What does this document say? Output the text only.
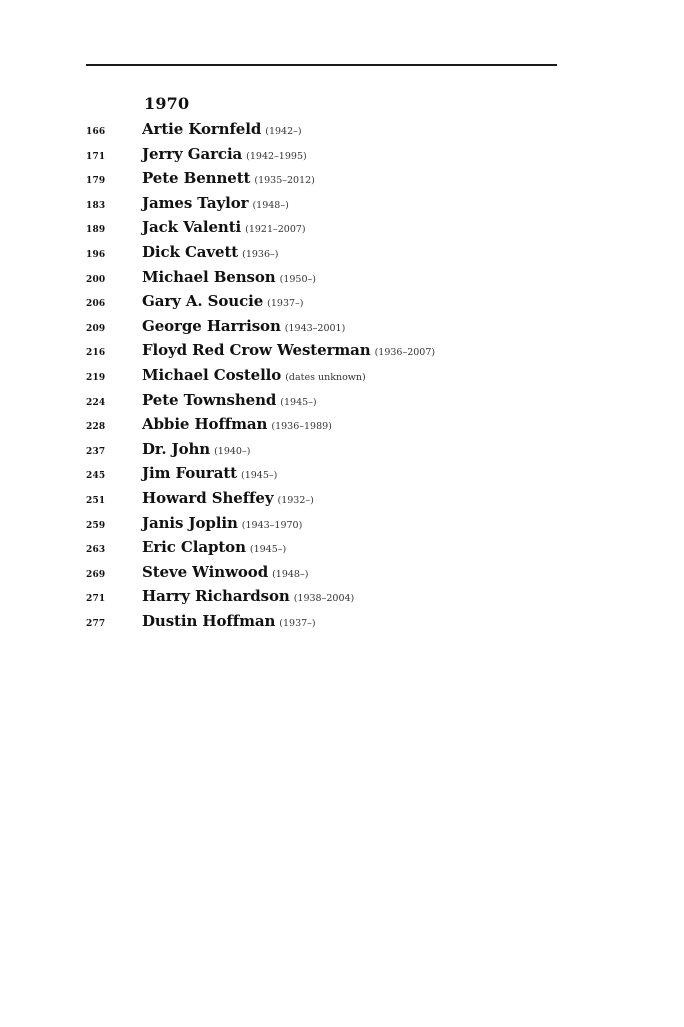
1970
166	Artie Kornfeld (1942–)
171	Jerry Garcia (1942–1995)
179	Pete Bennett (1935–2012)
183	James Taylor (1948–)
189	Jack Valenti (1921–2007)
196	Dick Cavett (1936–)
200	Michael Benson (1950–)
206	Gary A. Soucie (1937–)
209	George Harrison (1943–2001)
216	Floyd Red Crow Westerman (1936–2007)
219	Michael Costello (dates unknown)
224	Pete Townshend (1945–)
228	Abbie Hoffman (1936–1989)
237	Dr. John (1940–)
245	Jim Fouratt (1945–)
251	Howard Sheffey (1932–)
259	Janis Joplin (1943–1970)
263	Eric Clapton (1945–)
269	Steve Winwood (1948–)
271	Harry Richardson (1938–2004)
277	Dustin Hoffman (1937–)
